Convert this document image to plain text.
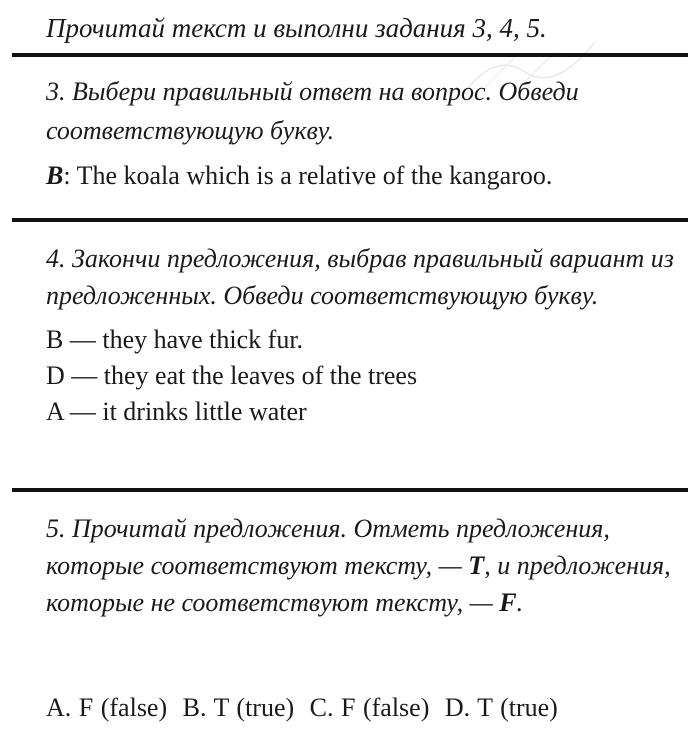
Прочитай текст и выполни задания 3, 4, 5.
3. Выбери правильный ответ на вопрос. Обведи соответствующую букву.
B: The koala which is a relative of the kangaroo.
4. Закончи предложения, выбрав правильный вариант из предложенных. Обведи соответствующую букву.
B — they have thick fur.
D — they eat the leaves of the trees
A — it drinks little water
5. Прочитай предложения. Отметь предложения, которые соответствуют тексту, — T, и предложения, которые не соответствуют тексту, — F.
A. F (false) B. T (true) C. F (false) D. T (true)
